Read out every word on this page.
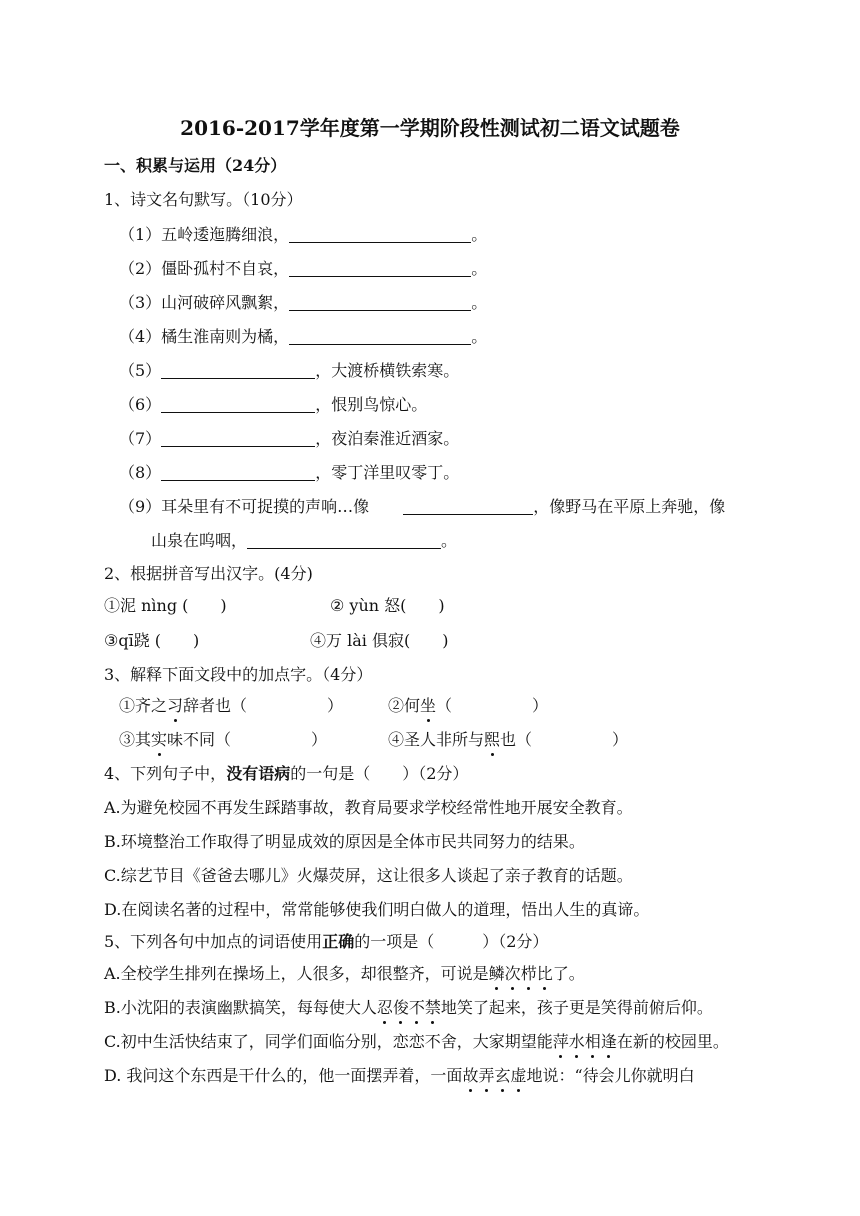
2016-2017学年度第一学期阶段性测试初二语文试题卷
一、积累与运用（24分）
1、诗文名句默写。（10分）
（1）五岭逶迤腾细浪，	。
（2）僵卧孤村不自哀，	。
（3）山河破碎风飘絮，	。
（4）橘生淮南则为橘，	。
（5）	，大渡桥横铁索寒。
（6）	，恨别鸟惊心。
（7）	，夜泊秦淮近酒家。
（8）	，零丁洋里叹零丁。
（9）耳朵里有不可捉摸的声响…像	，像野马在平原上奔驰，像
山泉在呜咽，	。
2、根据拼音写出汉字。(4分)
①泥 nìng (　　)	② yùn 怒(　　)
③qī跷 (　　)	④万 lài 俱寂(　　)
3、解释下面文段中的加点字。（4分）
①齐之习辞者也（　　　　　）	②何坐（　　　　　）
③其实味不同（　　　　　）	④圣人非所与熙也（　　　　　）
4、下列句子中，没有语病的一句是（　　）（2分）
A.为避免校园不再发生踩踏事故，教育局要求学校经常性地开展安全教育。
B.环境整治工作取得了明显成效的原因是全体市民共同努力的结果。
C.综艺节目《爸爸去哪儿》火爆荧屏，这让很多人谈起了亲子教育的话题。
D.在阅读名著的过程中，常常能够使我们明白做人的道理，悟出人生的真谛。
5、下列各句中加点的词语使用正确的一项是（　　　）（2分）
A.全校学生排列在操场上，人很多，却很整齐，可说是鳞次栉比了。
B.小沈阳的表演幽默搞笑，每每使大人忍俊不禁地笑了起来，孩子更是笑得前俯后仰。
C.初中生活快结束了，同学们面临分别，恋恋不舍，大家期望能萍水相逢在新的校园里。
D. 我问这个东西是干什么的，他一面摆弄着，一面故弄玄虚地说：“待会儿你就明白
